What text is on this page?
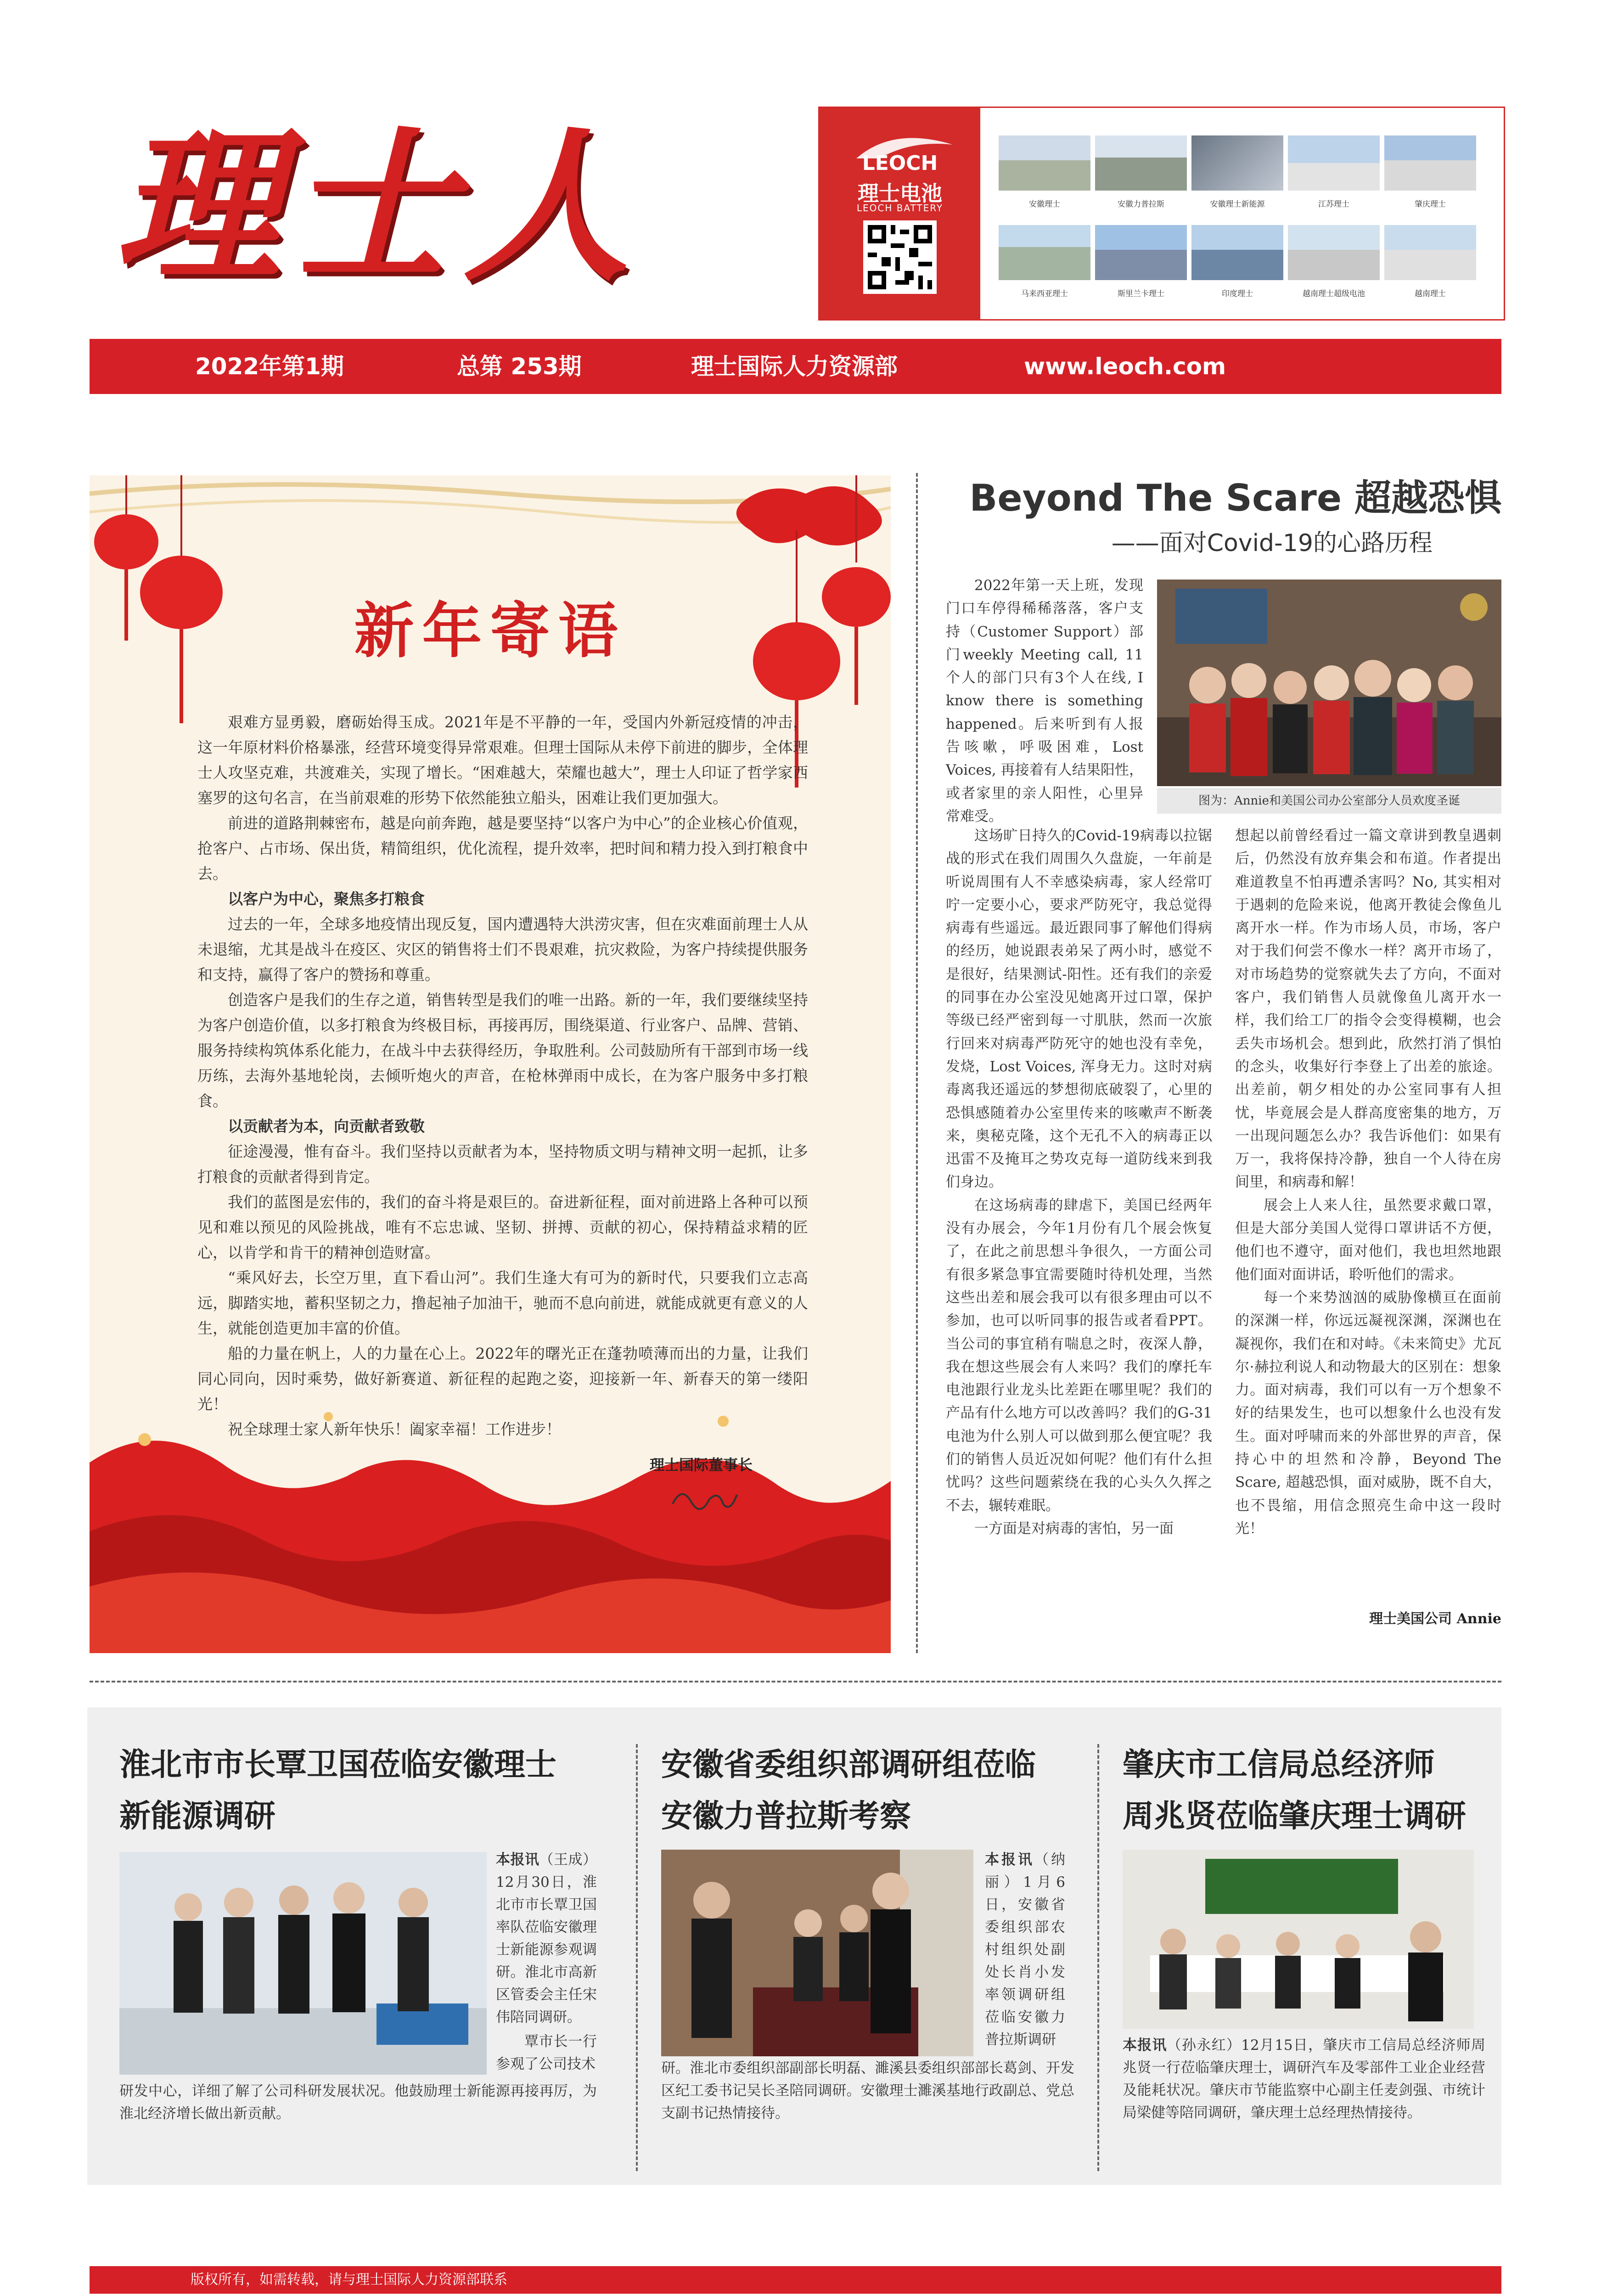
理士人	LEOCH
理士电池
LEOCH BATTERY	安徽理士	安徽力普拉斯	安徽理士新能源	江苏理士	肇庆理士
马来西亚理士	斯里兰卡理士	印度理士	越南理士超级电池	越南理士
2022年第1期	总第 253期	理士国际人力资源部	www.leoch.com
新年寄语

艰难方显勇毅，磨砺始得玉成。2021年是不平静的一年，受国内外新冠疫情的冲击，这一年原材料价格暴涨，经营环境变得异常艰难。但理士国际从未停下前进的脚步，全体理士人攻坚克难，共渡难关，实现了增长。“困难越大，荣耀也越大”，理士人印证了哲学家西塞罗的这句名言，在当前艰难的形势下依然能独立船头，困难让我们更加强大。

前进的道路荆棘密布，越是向前奔跑，越是要坚持“以客户为中心”的企业核心价值观，抢客户、占市场、保出货，精简组织，优化流程，提升效率，把时间和精力投入到打粮食中去。

以客户为中心，聚焦多打粮食

过去的一年，全球多地疫情出现反复，国内遭遇特大洪涝灾害，但在灾难面前理士人从未退缩，尤其是战斗在疫区、灾区的销售将士们不畏艰难，抗灾救险，为客户持续提供服务和支持，赢得了客户的赞扬和尊重。

创造客户是我们的生存之道，销售转型是我们的唯一出路。新的一年，我们要继续坚持为客户创造价值，以多打粮食为终极目标，再接再厉，围绕渠道、行业客户、品牌、营销、服务持续构筑体系化能力，在战斗中去获得经历，争取胜利。公司鼓励所有干部到市场一线历练，去海外基地轮岗，去倾听炮火的声音，在枪林弹雨中成长，在为客户服务中多打粮食。

以贡献者为本，向贡献者致敬

征途漫漫，惟有奋斗。我们坚持以贡献者为本，坚持物质文明与精神文明一起抓，让多打粮食的贡献者得到肯定。

我们的蓝图是宏伟的，我们的奋斗将是艰巨的。奋进新征程，面对前进路上各种可以预见和难以预见的风险挑战，唯有不忘忠诚、坚韧、拼搏、贡献的初心，保持精益求精的匠心，以肯学和肯干的精神创造财富。

“乘风好去，长空万里，直下看山河”。我们生逢大有可为的新时代，只要我们立志高远，脚踏实地，蓄积坚韧之力，撸起袖子加油干，驰而不息向前进，就能成就更有意义的人生，就能创造更加丰富的价值。

船的力量在帆上，人的力量在心上。2022年的曙光正在蓬勃喷薄而出的力量，让我们同心同向，因时乘势，做好新赛道、新征程的起跑之姿，迎接新一年、新春天的第一缕阳光！

祝全球理士家人新年快乐！阖家幸福！工作进步！

理士国际董事长
Beyond The Scare 超越恐惧
——面对Covid-19的心路历程
图为：Annie和美国公司办公室部分人员欢度圣诞

2022年第一天上班，发现门口车停得稀稀落落，客户支持（Customer Support）部门weekly Meeting call, 11 个人的部门只有3个人在线, I know there is something happened。后来听到有人报告咳嗽，呼吸困难，Lost Voices, 再接着有人结果阳性，或者家里的亲人阳性，心里异常难受。

这场旷日持久的Covid-19病毒以拉锯战的形式在我们周围久久盘旋，一年前是听说周围有人不幸感染病毒，家人经常叮咛一定要小心，要求严防死守，我总觉得病毒有些遥远。最近跟同事了解他们得病的经历，她说跟表弟呆了两小时，感觉不是很好，结果测试-阳性。还有我们的亲爱的同事在办公室没见她离开过口罩，保护等级已经严密到每一寸肌肤，然而一次旅行回来对病毒严防死守的她也没有幸免，发烧，Lost Voices, 浑身无力。这时对病毒离我还遥远的梦想彻底破裂了，心里的恐惧感随着办公室里传来的咳嗽声不断袭来，奥秘克隆，这个无孔不入的病毒正以迅雷不及掩耳之势攻克每一道防线来到我们身边。

在这场病毒的肆虐下，美国已经两年没有办展会，今年1月份有几个展会恢复了，在此之前思想斗争很久，一方面公司有很多紧急事宜需要随时待机处理，当然这些出差和展会我可以有很多理由可以不参加，也可以听同事的报告或者看PPT。当公司的事宜稍有喘息之时，夜深人静，我在想这些展会有人来吗？我们的摩托车电池跟行业龙头比差距在哪里呢？我们的产品有什么地方可以改善吗？我们的G-31电池为什么别人可以做到那么便宜呢？我们的销售人员近况如何呢？他们有什么担忧吗？这些问题萦绕在我的心头久久挥之不去，辗转难眠。

一方面是对病毒的害怕，另一面

想起以前曾经看过一篇文章讲到教皇遇刺后，仍然没有放弃集会和布道。作者提出难道教皇不怕再遭杀害吗？No, 其实相对于遇刺的危险来说，他离开教徒会像鱼儿离开水一样。作为市场人员，市场，客户对于我们何尝不像水一样？离开市场了，对市场趋势的觉察就失去了方向，不面对客户，我们销售人员就像鱼儿离开水一样，我们给工厂的指令会变得模糊，也会丢失市场机会。想到此，欣然打消了惧怕的念头，收集好行李登上了出差的旅途。出差前，朝夕相处的办公室同事有人担忧，毕竟展会是人群高度密集的地方，万一出现问题怎么办？我告诉他们：如果有万一，我将保持冷静，独自一个人待在房间里，和病毒和解！

展会上人来人往，虽然要求戴口罩，但是大部分美国人觉得口罩讲话不方便，他们也不遵守，面对他们，我也坦然地跟他们面对面讲话，聆听他们的需求。

每一个来势汹汹的威胁像横亘在面前的深渊一样，你远远凝视深渊，深渊也在凝视你，我们在和对峙。《未来简史》尤瓦尔·赫拉利说人和动物最大的区别在：想象力。面对病毒，我们可以有一万个想象不好的结果发生，也可以想象什么也没有发生。面对呼啸而来的外部世界的声音，保持心中的坦然和冷静，Beyond The Scare, 超越恐惧，面对威胁，既不自大，也不畏缩，用信念照亮生命中这一段时光！

理士美国公司 Annie
淮北市市长覃卫国莅临安徽理士
新能源调研
本报讯（王成）12月30日，淮北市市长覃卫国率队莅临安徽理士新能源参观调研。淮北市高新区管委会主任宋伟陪同调研。
覃市长一行参观了公司技术
研发中心，详细了解了公司科研发展状况。他鼓励理士新能源再接再厉，为淮北经济增长做出新贡献。
安徽省委组织部调研组莅临
安徽力普拉斯考察
本报讯（纳丽）1月6日，安徽省委组织部农村组织处副处长肖小发率领调研组莅临安徽力普拉斯调研
研。淮北市委组织部副部长明磊、濉溪县委组织部部长葛剑、开发区纪工委书记吴长圣陪同调研。安徽理士濉溪基地行政副总、党总支副书记热情接待。
肇庆市工信局总经济师
周兆贤莅临肇庆理士调研
本报讯（孙永红）12月15日，肇庆市工信局总经济师周兆贤一行莅临肇庆理士，调研汽车及零部件工业企业经营及能耗状况。肇庆市节能监察中心副主任麦剑强、市统计局梁健等陪同调研，肇庆理士总经理热情接待。
版权所有，如需转载，请与理士国际人力资源部联系
